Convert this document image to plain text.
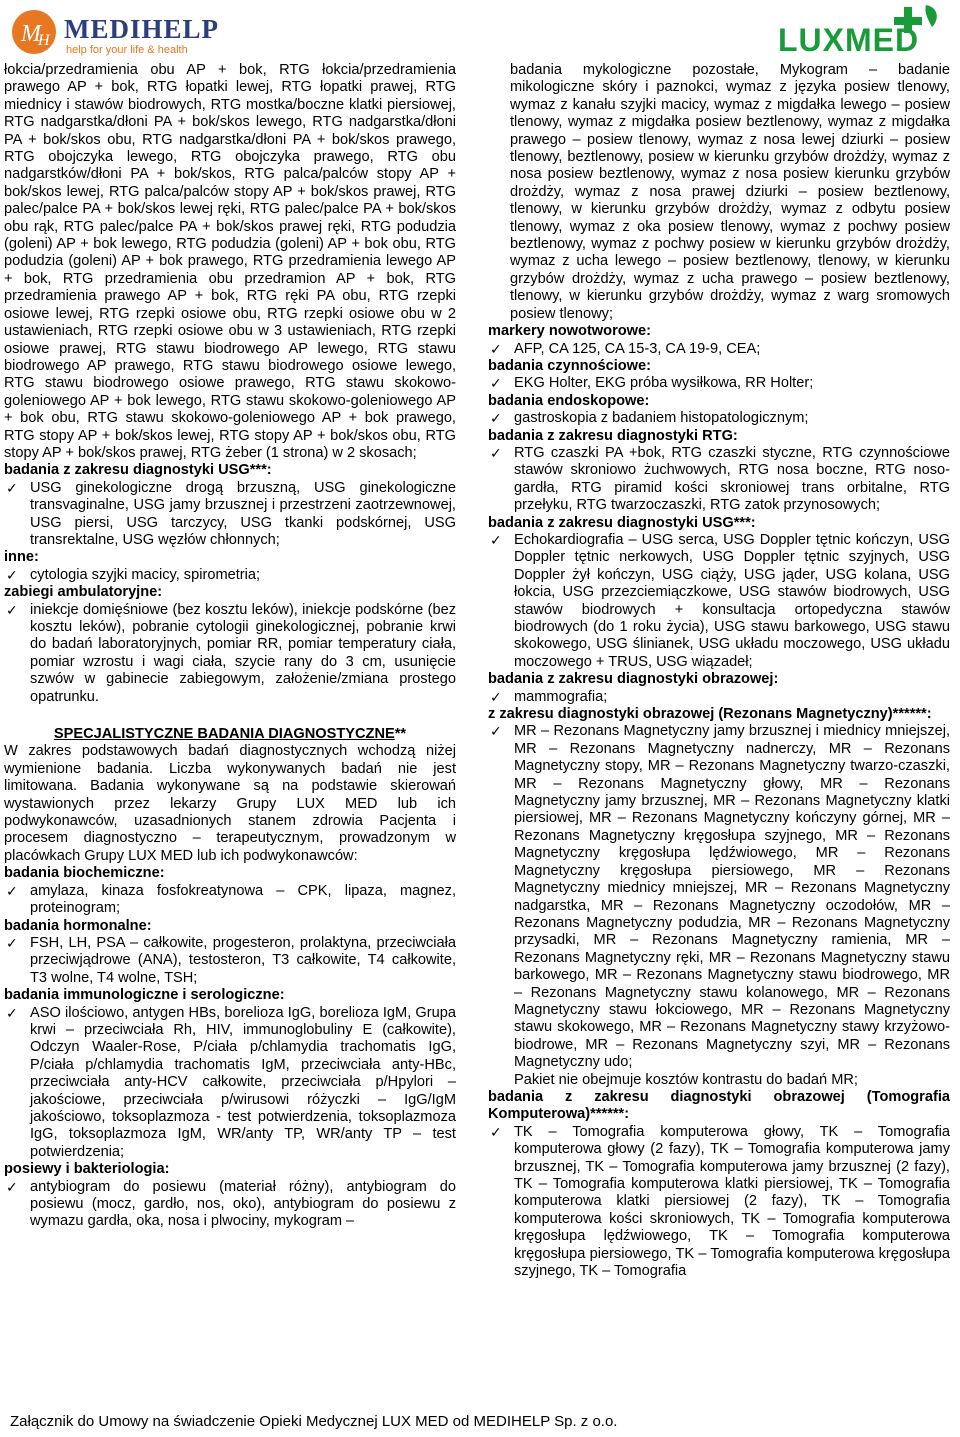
M
H MEDIHELP
help for your life & health	LUXMED

łokcia/przedramienia obu AP + bok, RTG łokcia/przedramienia prawego AP + bok, RTG łopatki lewej, RTG łopatki prawej, RTG miednicy i stawów biodrowych, RTG mostka/boczne klatki piersiowej, RTG nadgarstka/dłoni PA + bok/skos lewego, RTG nadgarstka/dłoni PA + bok/skos obu, RTG nadgarstka/dłoni PA + bok/skos prawego, RTG obojczyka lewego, RTG obojczyka prawego, RTG obu nadgarstków/dłoni PA + bok/skos, RTG palca/palców stopy AP + bok/skos lewej, RTG palca/palców stopy AP + bok/skos prawej, RTG palec/palce PA + bok/skos lewej ręki, RTG palec/palce PA + bok/skos obu rąk, RTG palec/palce PA + bok/skos prawej ręki, RTG podudzia (goleni) AP + bok lewego, RTG podudzia (goleni) AP + bok obu, RTG podudzia (goleni) AP + bok prawego, RTG przedramienia lewego AP + bok, RTG przedramienia obu przedramion AP + bok, RTG przedramienia prawego AP + bok, RTG ręki PA obu, RTG rzepki osiowe lewej, RTG rzepki osiowe obu, RTG rzepki osiowe obu w 2 ustawieniach, RTG rzepki osiowe obu w 3 ustawieniach, RTG rzepki osiowe prawej, RTG stawu biodrowego AP lewego, RTG stawu biodrowego AP prawego, RTG stawu biodrowego osiowe lewego, RTG stawu biodrowego osiowe prawego, RTG stawu skokowo-goleniowego AP + bok lewego, RTG stawu skokowo-goleniowego AP + bok obu, RTG stawu skokowo-goleniowego AP + bok prawego, RTG stopy AP + bok/skos lewej, RTG stopy AP + bok/skos obu, RTG stopy AP + bok/skos prawej, RTG żeber (1 strona) w 2 skosach;

badania z zakresu diagnostyki USG***:

✓ USG ginekologiczne drogą brzuszną, USG ginekologiczne transvaginalne, USG jamy brzusznej i przestrzeni zaotrzewnowej, USG piersi, USG tarczycy, USG tkanki podskórnej, USG transrektalne, USG węzłów chłonnych;

inne:

✓ cytologia szyjki macicy, spirometria;

zabiegi ambulatoryjne:

✓ iniekcje domięśniowe (bez kosztu leków), iniekcje podskórne (bez kosztu leków), pobranie cytologii ginekologicznej, pobranie krwi do badań laboratoryjnych, pomiar RR, pomiar temperatury ciała, pomiar wzrostu i wagi ciała, szycie rany do 3 cm, usunięcie szwów w gabinecie zabiegowym, założenie/zmiana prostego opatrunku.

SPECJALISTYCZNE BADANIA DIAGNOSTYCZNE**

W zakres podstawowych badań diagnostycznych wchodzą niżej wymienione badania. Liczba wykonywanych badań nie jest limitowana. Badania wykonywane są na podstawie skierowań wystawionych przez lekarzy Grupy LUX MED lub ich podwykonawców, uzasadnionych stanem zdrowia Pacjenta i procesem diagnostyczno – terapeutycznym, prowadzonym w placówkach Grupy LUX MED lub ich podwykonawców:

badania biochemiczne:

✓ amylaza, kinaza fosfokreatynowa – CPK, lipaza, magnez, proteinogram;

badania hormonalne:

✓ FSH, LH, PSA – całkowite, progesteron, prolaktyna, przeciwciała przeciwjądrowe (ANA), testosteron, T3 całkowite, T4 całkowite, T3 wolne, T4 wolne, TSH;

badania immunologiczne i serologiczne:

✓ ASO ilościowo, antygen HBs, borelioza IgG, borelioza IgM, Grupa krwi – przeciwciała Rh, HIV, immunoglobuliny E (całkowite), Odczyn Waaler-Rose, P/ciała p/chlamydia trachomatis IgG, P/ciała p/chlamydia trachomatis IgM, przeciwciała anty-HBc, przeciwciała anty-HCV całkowite, przeciwciała p/Hpylori – jakościowe, przeciwciała p/wirusowi różyczki – IgG/IgM jakościowo, toksoplazmoza - test potwierdzenia, toksoplazmoza IgG, toksoplazmoza IgM, WR/anty TP, WR/anty TP – test potwierdzenia;

posiewy i bakteriologia:

✓ antybiogram do posiewu (materiał różny), antybiogram do posiewu (mocz, gardło, nos, oko), antybiogram do posiewu z wymazu gardła, oka, nosa i plwociny, mykogram –

badania mykologiczne pozostałe, Mykogram – badanie mikologiczne skóry i paznokci, wymaz z języka posiew tlenowy, wymaz z kanału szyjki macicy, wymaz z migdałka lewego – posiew tlenowy, wymaz z migdałka posiew beztlenowy, wymaz z migdałka prawego – posiew tlenowy, wymaz z nosa lewej dziurki – posiew tlenowy, beztlenowy, posiew w kierunku grzybów drożdży, wymaz z nosa posiew beztlenowy, wymaz z nosa posiew kierunku grzybów drożdży, wymaz z nosa prawej dziurki – posiew beztlenowy, tlenowy, w kierunku grzybów drożdży, wymaz z odbytu posiew tlenowy, wymaz z oka posiew tlenowy, wymaz z pochwy posiew beztlenowy, wymaz z pochwy posiew w kierunku grzybów drożdży, wymaz z ucha lewego – posiew beztlenowy, tlenowy, w kierunku grzybów drożdży, wymaz z ucha prawego – posiew beztlenowy, tlenowy, w kierunku grzybów drożdży, wymaz z warg sromowych posiew tlenowy;

markery nowotworowe:

✓ AFP, CA 125, CA 15-3, CA 19-9, CEA;

badania czynnościowe:

✓ EKG Holter, EKG próba wysiłkowa, RR Holter;

badania endoskopowe:

✓ gastroskopia z badaniem histopatologicznym;

badania z zakresu diagnostyki RTG:

✓ RTG czaszki PA +bok, RTG czaszki styczne, RTG czynnościowe stawów skroniowo żuchwowych, RTG nosa boczne, RTG noso-gardła, RTG piramid kości skroniowej trans orbitalne, RTG przełyku, RTG twarzoczaszki, RTG zatok przynosowych;

badania z zakresu diagnostyki USG***:

✓ Echokardiografia – USG serca, USG Doppler tętnic kończyn, USG Doppler tętnic nerkowych, USG Doppler tętnic szyjnych, USG Doppler żył kończyn, USG ciąży, USG jąder, USG kolana, USG łokcia, USG przezciemiączkowe, USG stawów biodrowych, USG stawów biodrowych + konsultacja ortopedyczna stawów biodrowych (do 1 roku życia), USG stawu barkowego, USG stawu skokowego, USG ślinianek, USG układu moczowego, USG układu moczowego + TRUS, USG wiązadeł;

badania z zakresu diagnostyki obrazowej:

✓ mammografia;

z zakresu diagnostyki obrazowej (Rezonans Magnetyczny)******:

✓ MR – Rezonans Magnetyczny jamy brzusznej i miednicy mniejszej, MR – Rezonans Magnetyczny nadnerczy, MR – Rezonans Magnetyczny stopy, MR – Rezonans Magnetyczny twarzo-czaszki, MR – Rezonans Magnetyczny głowy, MR – Rezonans Magnetyczny jamy brzusznej, MR – Rezonans Magnetyczny klatki piersiowej, MR – Rezonans Magnetyczny kończyny górnej, MR – Rezonans Magnetyczny kręgosłupa szyjnego, MR – Rezonans Magnetyczny kręgosłupa lędźwiowego, MR – Rezonans Magnetyczny kręgosłupa piersiowego, MR – Rezonans Magnetyczny miednicy mniejszej, MR – Rezonans Magnetyczny nadgarstka, MR – Rezonans Magnetyczny oczodołów, MR – Rezonans Magnetyczny podudzia, MR – Rezonans Magnetyczny przysadki, MR – Rezonans Magnetyczny ramienia, MR – Rezonans Magnetyczny ręki, MR – Rezonans Magnetyczny stawu barkowego, MR – Rezonans Magnetyczny stawu biodrowego, MR – Rezonans Magnetyczny stawu kolanowego, MR – Rezonans Magnetyczny stawu łokciowego, MR – Rezonans Magnetyczny stawu skokowego, MR – Rezonans Magnetyczny stawy krzyżowo-biodrowe, MR – Rezonans Magnetyczny szyi, MR – Rezonans Magnetyczny udo;
Pakiet nie obejmuje kosztów kontrastu do badań MR;

badania z zakresu diagnostyki obrazowej (Tomografia Komputerowa)******:

✓ TK – Tomografia komputerowa głowy, TK – Tomografia komputerowa głowy (2 fazy), TK – Tomografia komputerowa jamy brzusznej, TK – Tomografia komputerowa jamy brzusznej (2 fazy), TK – Tomografia komputerowa klatki piersiowej, TK – Tomografia komputerowa klatki piersiowej (2 fazy), TK – Tomografia komputerowa kości skroniowych, TK – Tomografia komputerowa kręgosłupa lędźwiowego, TK – Tomografia komputerowa kręgosłupa piersiowego, TK – Tomografia komputerowa kręgosłupa szyjnego, TK – Tomografia
Załącznik do Umowy na świadczenie Opieki Medycznej LUX MED od MEDIHELP Sp. z o.o.
